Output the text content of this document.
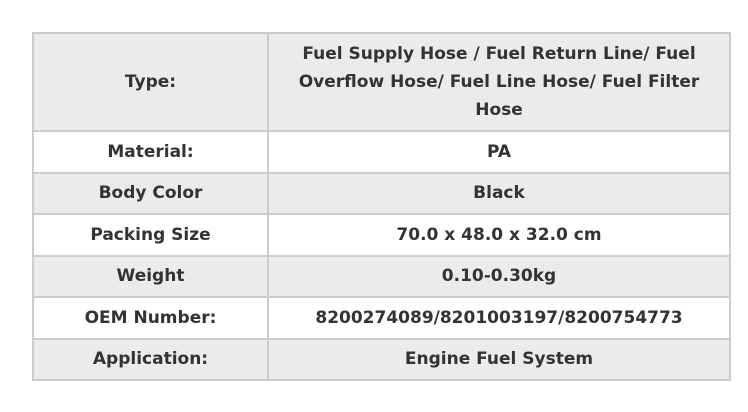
Type:	Fuel Supply Hose / Fuel Return Line/ Fuel Overflow Hose/ Fuel Line Hose/ Fuel Filter Hose
Material:	PA
Body Color	Black
Packing Size	70.0 x 48.0 x 32.0 cm
Weight	0.10-0.30kg
OEM Number:	8200274089/8201003197/8200754773
Application:	Engine Fuel System
